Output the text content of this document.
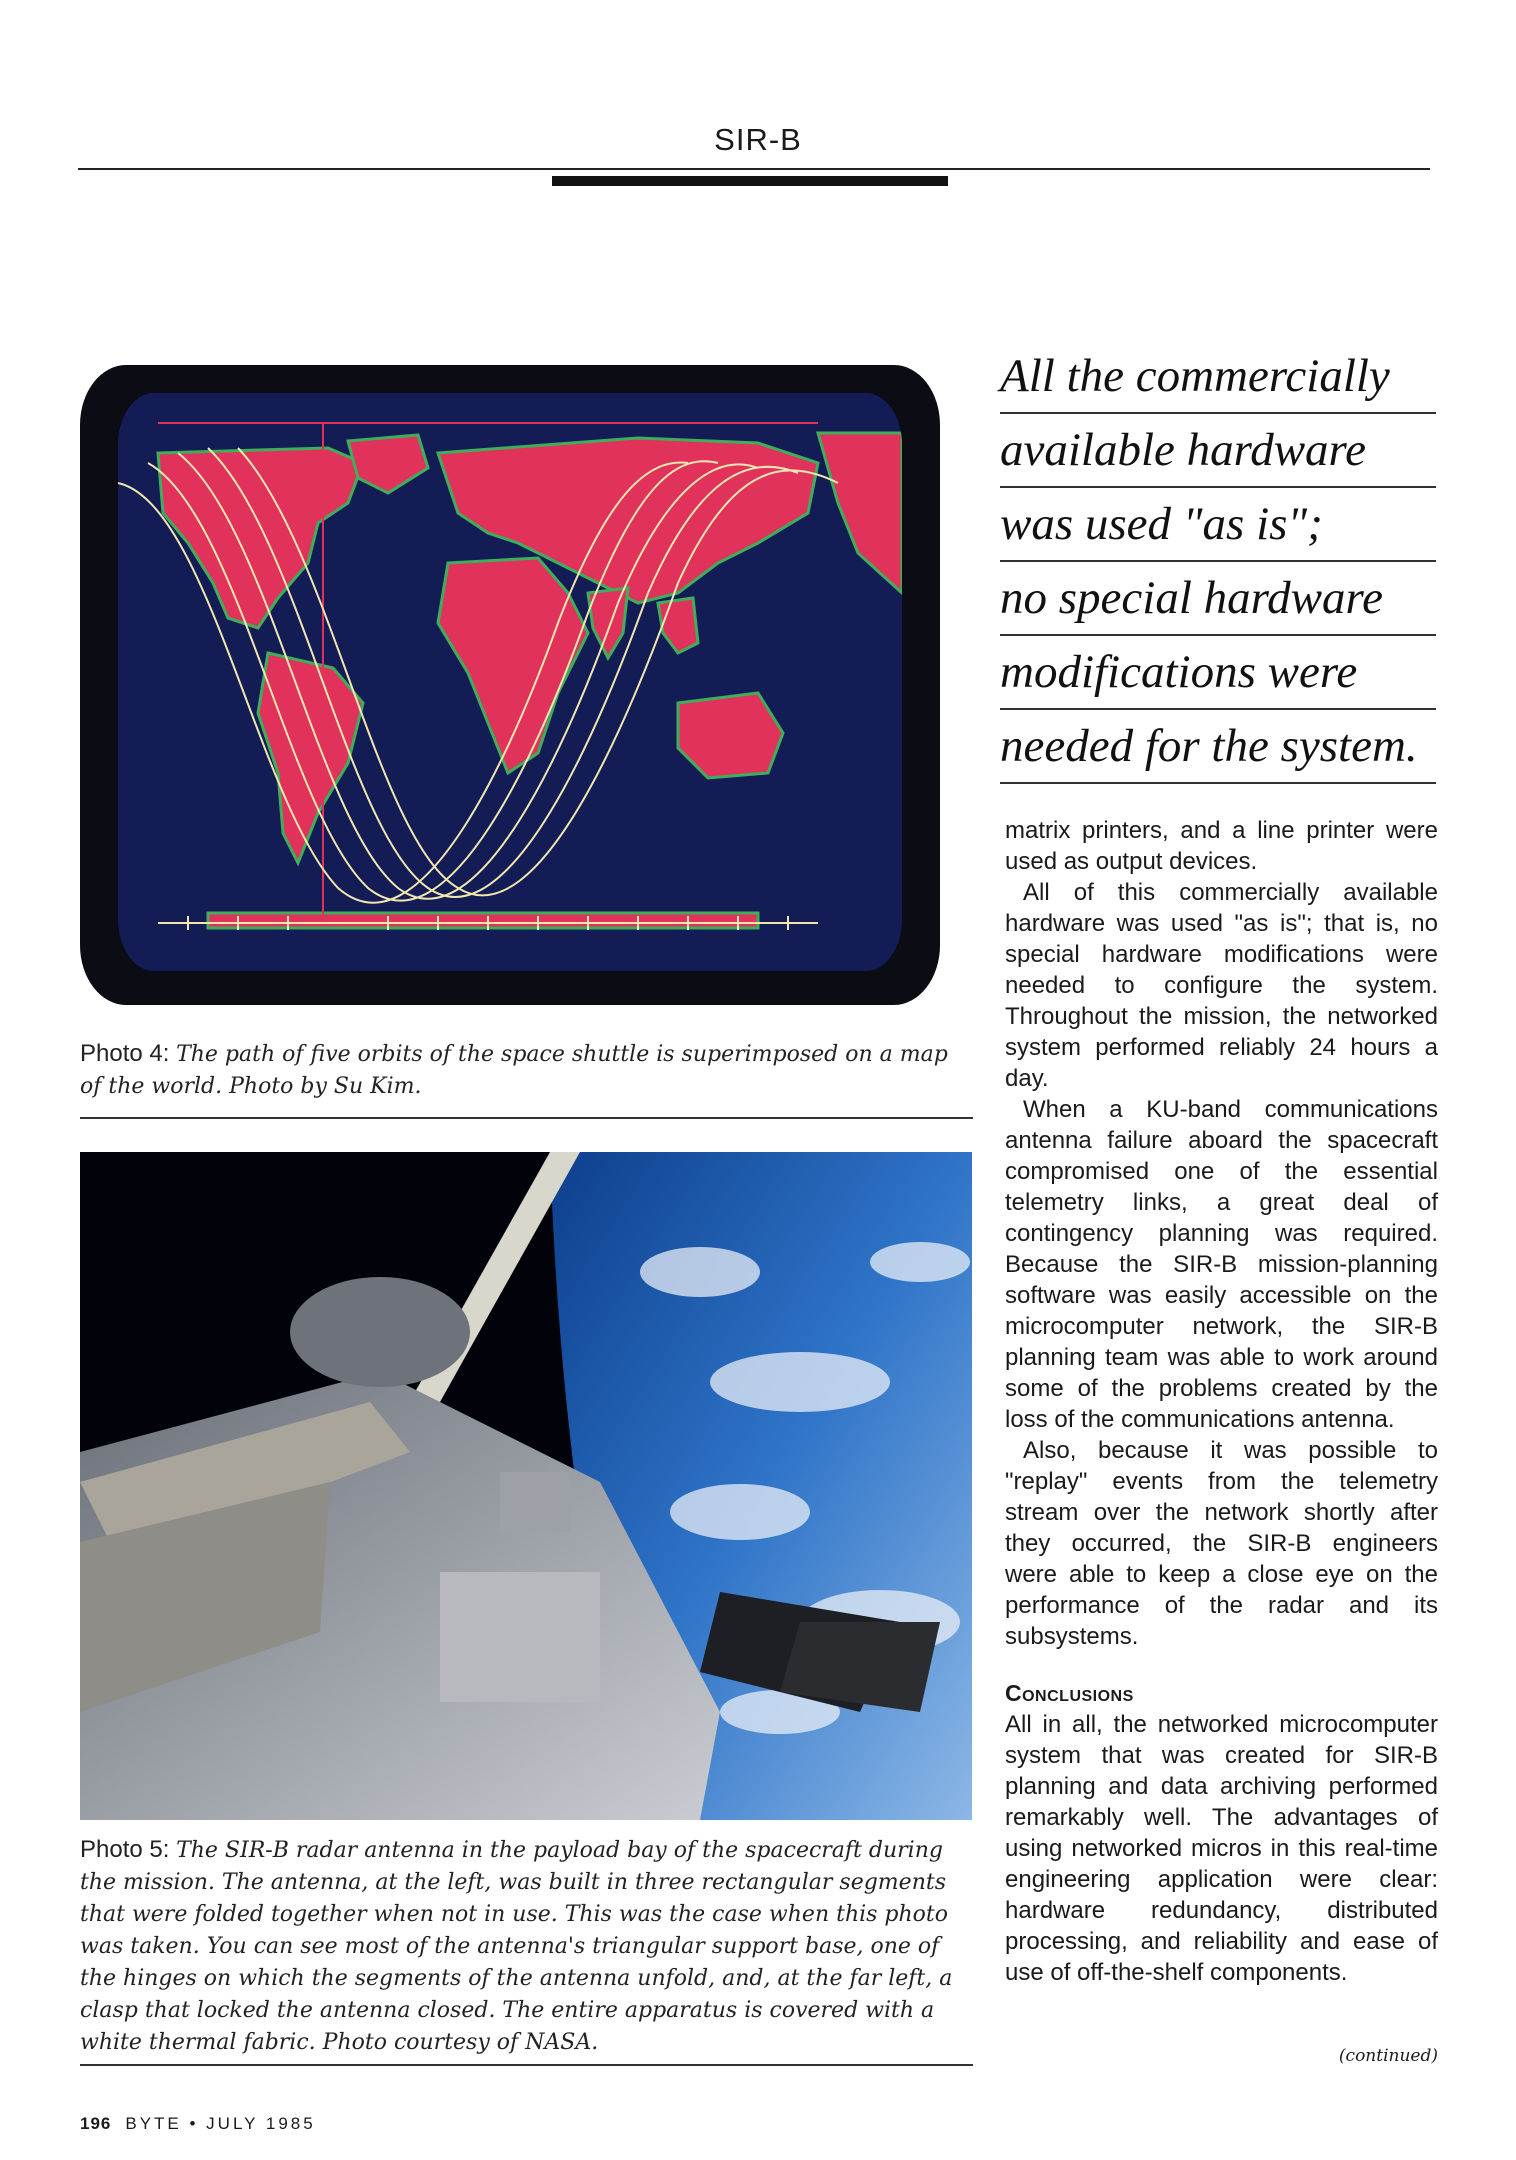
SIR-B
All the commercially
available hardware
was used "as is";
no special hardware
modifications were
needed for the system.
Photo 4: The path of five orbits of the space shuttle is superimposed on a map of the world. Photo by Su Kim.
Photo 5: The SIR-B radar antenna in the payload bay of the spacecraft during the mission. The antenna, at the left, was built in three rectangular segments that were folded together when not in use. This was the case when this photo was taken. You can see most of the antenna's triangular support base, one of the hinges on which the segments of the antenna unfold, and, at the far left, a clasp that locked the antenna closed. The entire apparatus is covered with a white thermal fabric. Photo courtesy of NASA.

matrix printers, and a line printer were used as output devices.

All of this commercially available hardware was used "as is"; that is, no special hardware modifications were needed to configure the system. Throughout the mission, the networked system performed reliably 24 hours a day.

When a KU-band communications antenna failure aboard the spacecraft compromised one of the essential telemetry links, a great deal of contingency planning was required. Because the SIR-B mission-planning software was easily accessible on the microcomputer network, the SIR-B planning team was able to work around some of the problems created by the loss of the communications antenna.

Also, because it was possible to "replay" events from the telemetry stream over the network shortly after they occurred, the SIR-B engineers were able to keep a close eye on the performance of the radar and its subsystems.

Conclusions

All in all, the networked microcomputer system that was created for SIR-B planning and data archiving performed remarkably well. The advantages of using networked micros in this real-time engineering application were clear: hardware redundancy, distributed processing, and reliability and ease of use of off-the-shelf components.

(continued)
196 BYTE • JULY 1985
